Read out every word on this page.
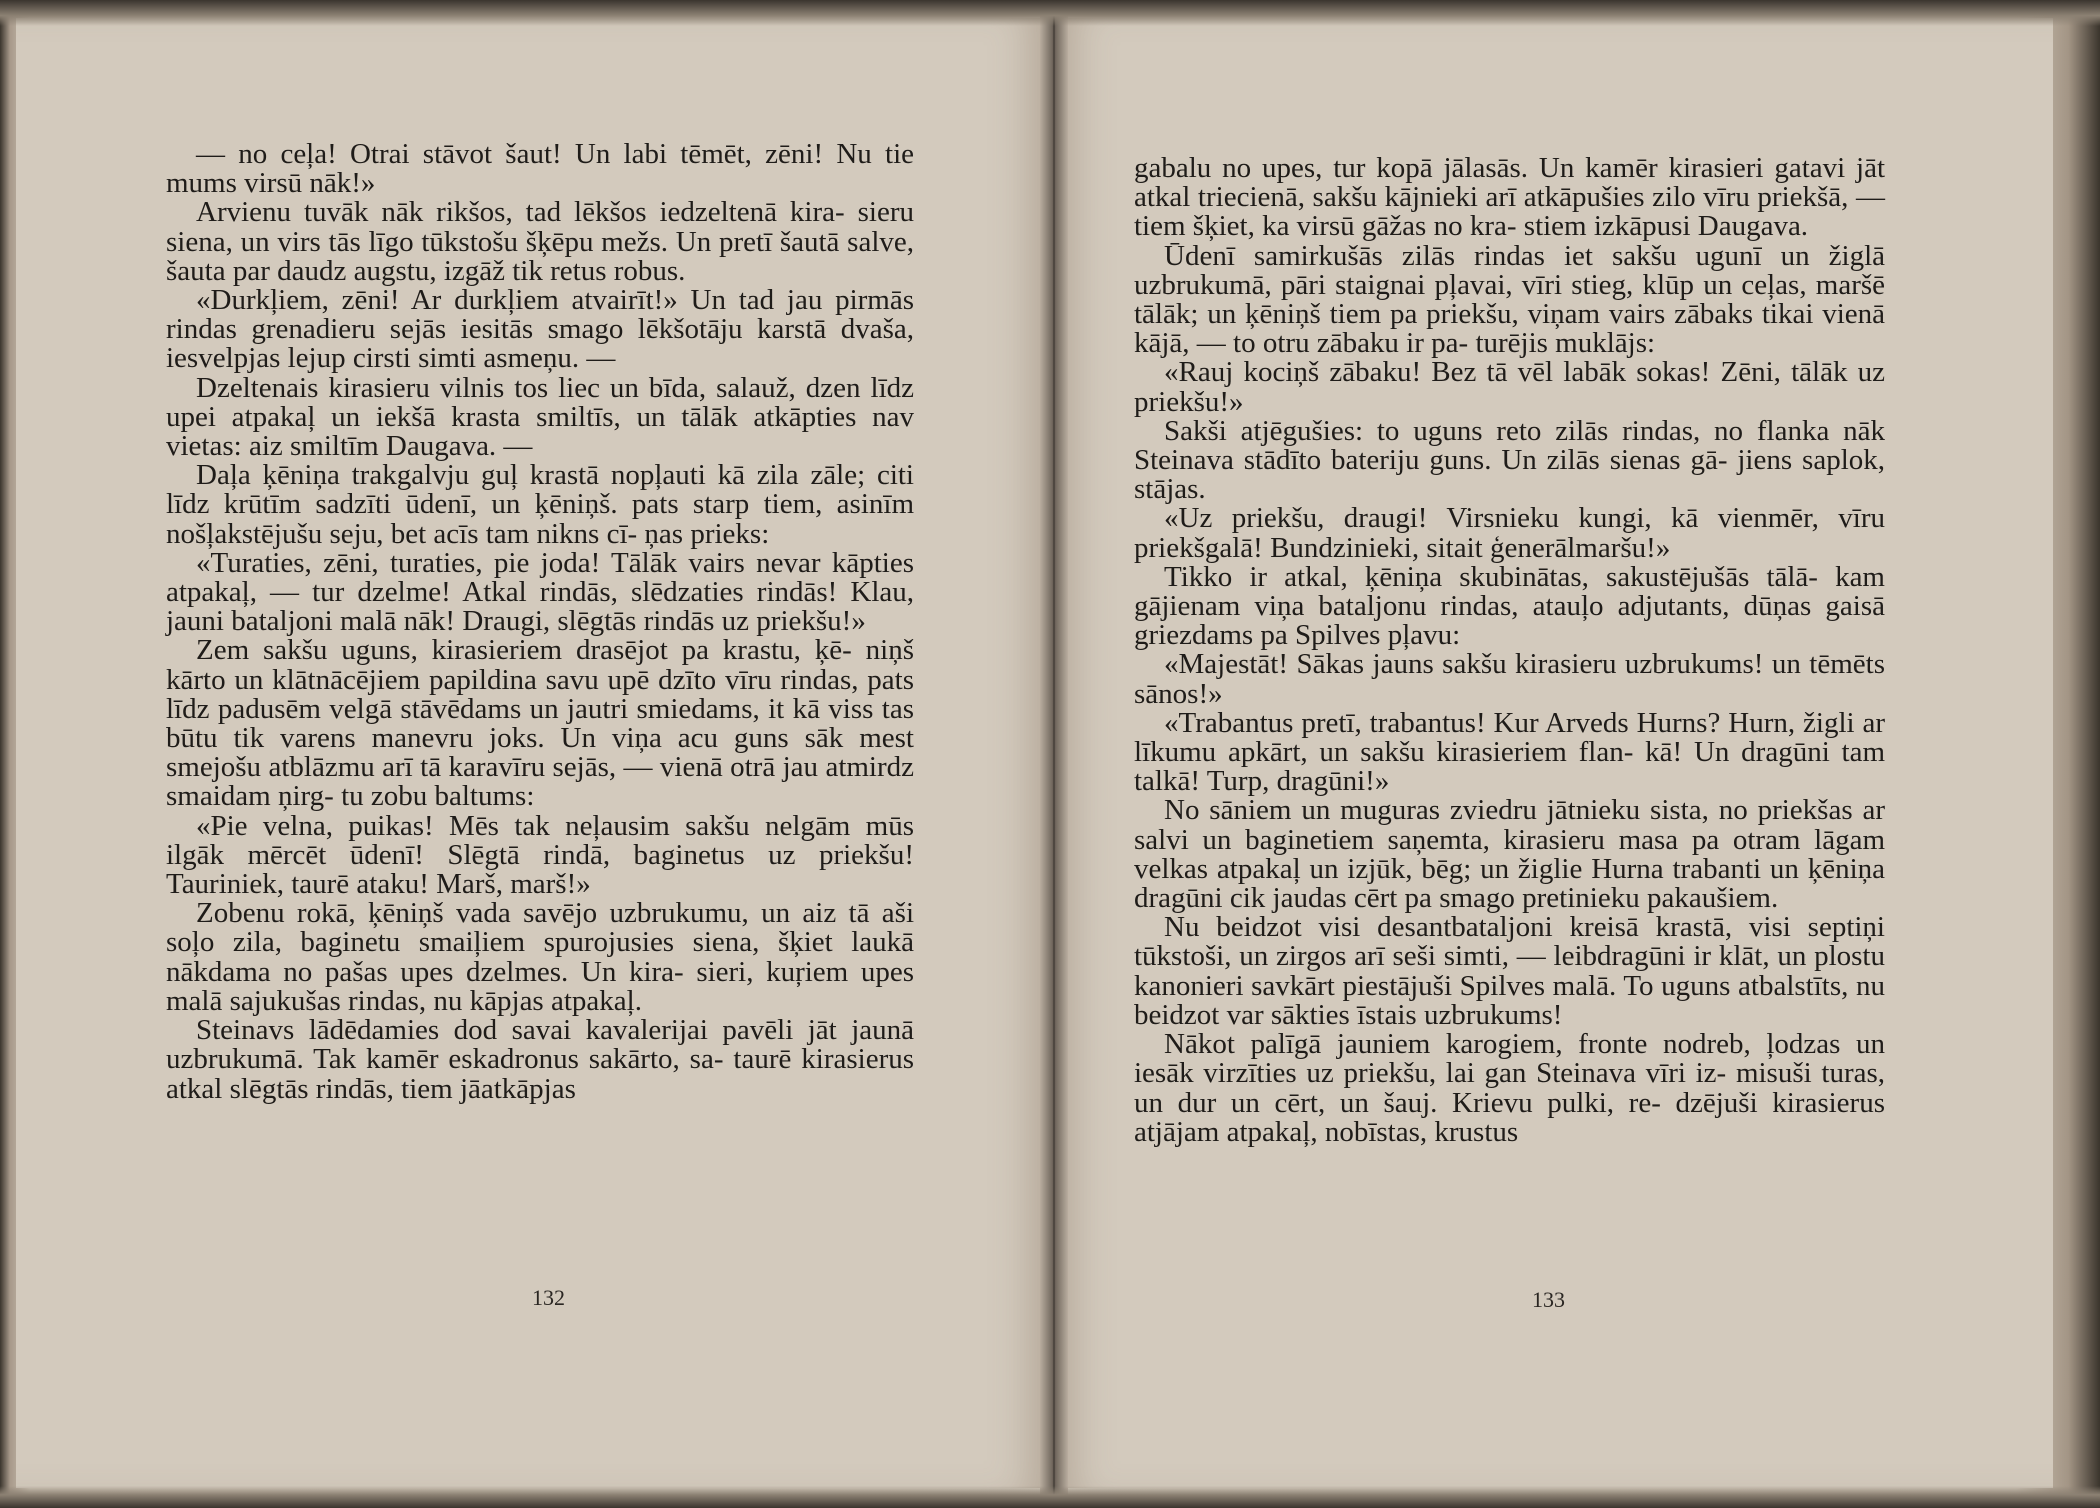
— no ceļa! Otrai stāvot šaut! Un labi tēmēt, zēni! Nu tie mums virsū nāk!»

Arvienu tuvāk nāk rikšos, tad lēkšos iedzeltenā kira- sieru siena, un virs tās līgo tūkstošu šķēpu mežs. Un pretī šautā salve, šauta par daudz augstu, izgāž tik retus robus.

«Durkļiem, zēni! Ar durkļiem atvairīt!» Un tad jau pirmās rindas grenadieru sejās iesitās smago lēkšotāju karstā dvaša, iesvelpjas lejup cirsti simti asmeņu. —

Dzeltenais kirasieru vilnis tos liec un bīda, salauž, dzen līdz upei atpakaļ un iekšā krasta smiltīs, un tālāk atkāpties nav vietas: aiz smiltīm Daugava. —

Daļa ķēniņa trakgalvju guļ krastā nopļauti kā zila zāle; citi līdz krūtīm sadzīti ūdenī, un ķēniņš. pats starp tiem, asinīm nošļakstējušu seju, bet acīs tam nikns cī- ņas prieks:

«Turaties, zēni, turaties, pie joda! Tālāk vairs nevar kāpties atpakaļ, — tur dzelme! Atkal rindās, slēdzaties rindās! Klau, jauni bataljoni malā nāk! Draugi, slēgtās rindās uz priekšu!»

Zem sakšu uguns, kirasieriem drasējot pa krastu, ķē- niņš kārto un klātnācējiem papildina savu upē dzīto vīru rindas, pats līdz padusēm velgā stāvēdams un jautri smiedams, it kā viss tas būtu tik varens manevru joks. Un viņa acu guns sāk mest smejošu atblāzmu arī tā karavīru sejās, — vienā otrā jau atmirdz smaidam ņirg- tu zobu baltums:

«Pie velna, puikas! Mēs tak neļausim sakšu nelgām mūs ilgāk mērcēt ūdenī! Slēgtā rindā, baginetus uz priekšu! Tauriniek, taurē ataku! Marš, marš!»

Zobenu rokā, ķēniņš vada savējo uzbrukumu, un aiz tā aši soļo zila, baginetu smaiļiem spurojusies siena, šķiet laukā nākdama no pašas upes dzelmes. Un kira- sieri, kuŗiem upes malā sajukušas rindas, nu kāpjas atpakaļ.

Steinavs lādēdamies dod savai kavalerijai pavēli jāt jaunā uzbrukumā. Tak kamēr eskadronus sakārto, sa- taurē kirasierus atkal slēgtās rindās, tiem jāatkāpjas

132

gabalu no upes, tur kopā jālasās. Un kamēr kirasieri gatavi jāt atkal triecienā, sakšu kājnieki arī atkāpušies zilo vīru priekšā, — tiem šķiet, ka virsū gāžas no kra- stiem izkāpusi Daugava.

Ūdenī samirkušās zilās rindas iet sakšu ugunī un žiglā uzbrukumā, pāri staignai pļavai, vīri stieg, klūp un ceļas, maršē tālāk; un ķēniņš tiem pa priekšu, viņam vairs zābaks tikai vienā kājā, — to otru zābaku ir pa- turējis muklājs:

«Rauj kociņš zābaku! Bez tā vēl labāk sokas! Zēni, tālāk uz priekšu!»

Sakši atjēgušies: to uguns reto zilās rindas, no flanka nāk Steinava stādīto bateriju guns. Un zilās sienas gā- jiens saplok, stājas.

«Uz priekšu, draugi! Virsnieku kungi, kā vienmēr, vīru priekšgalā! Bundzinieki, sitait ģenerālmaršu!»

Tikko ir atkal, ķēniņa skubinātas, sakustējušās tālā- kam gājienam viņa bataljonu rindas, atauļo adjutants, dūņas gaisā griezdams pa Spilves pļavu:

«Majestāt! Sākas jauns sakšu kirasieru uzbrukums! un tēmēts sānos!»

«Trabantus pretī, trabantus! Kur Arveds Hurns? Hurn, žigli ar līkumu apkārt, un sakšu kirasieriem flan- kā! Un dragūni tam talkā! Turp, dragūni!»

No sāniem un muguras zviedru jātnieku sista, no priekšas ar salvi un baginetiem saņemta, kirasieru masa pa otram lāgam velkas atpakaļ un izjūk, bēg; un žiglie Hurna trabanti un ķēniņa dragūni cik jaudas cērt pa smago pretinieku pakaušiem.

Nu beidzot visi desantbataljoni kreisā krastā, visi septiņi tūkstoši, un zirgos arī seši simti, — leibdragūni ir klāt, un plostu kanonieri savkārt piestājuši Spilves malā. To uguns atbalstīts, nu beidzot var sākties īstais uzbrukums!

Nākot palīgā jauniem karogiem, fronte nodreb, ļodzas un iesāk virzīties uz priekšu, lai gan Steinava vīri iz- misuši turas, un dur un cērt, un šauj. Krievu pulki, re- dzējuši kirasierus atjājam atpakaļ, nobīstas, krustus

133
